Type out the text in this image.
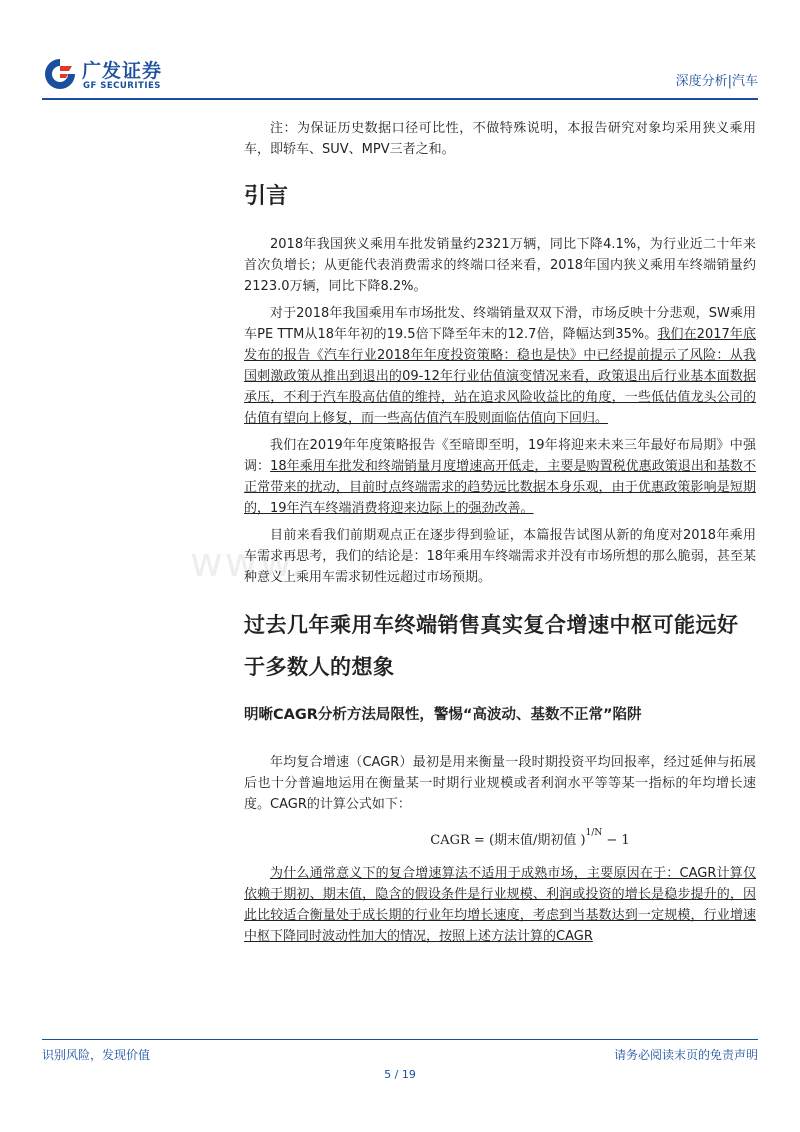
广发证券
GF SECURITIES	深度分析|汽车
www.

注：为保证历史数据口径可比性，不做特殊说明，本报告研究对象均采用狭义乘用车，即轿车、SUV、MPV三者之和。

引言

2018年我国狭义乘用车批发销量约2321万辆，同比下降4.1%，为行业近二十年来首次负增长；从更能代表消费需求的终端口径来看，2018年国内狭义乘用车终端销量约2123.0万辆，同比下降8.2%。

对于2018年我国乘用车市场批发、终端销量双双下滑，市场反映十分悲观，SW乘用车PE TTM从18年年初的19.5倍下降至年末的12.7倍，降幅达到35%。我们在2017年底发布的报告《汽车行业2018年年度投资策略：稳也是快》中已经提前提示了风险：从我国刺激政策从推出到退出的09-12年行业估值演变情况来看，政策退出后行业基本面数据承压，不利于汽车股高估值的维持，站在追求风险收益比的角度，一些低估值龙头公司的估值有望向上修复，而一些高估值汽车股则面临估值向下回归。

我们在2019年年度策略报告《至暗即至明，19年将迎来未来三年最好布局期》中强调：18年乘用车批发和终端销量月度增速高开低走，主要是购置税优惠政策退出和基数不正常带来的扰动，目前时点终端需求的趋势远比数据本身乐观，由于优惠政策影响是短期的，19年汽车终端消费将迎来边际上的强劲改善。

目前来看我们前期观点正在逐步得到验证，本篇报告试图从新的角度对2018年乘用车需求再思考，我们的结论是：18年乘用车终端需求并没有市场所想的那么脆弱，甚至某种意义上乘用车需求韧性远超过市场预期。

过去几年乘用车终端销售真实复合增速中枢可能远好于多数人的想象
明晰CAGR分析方法局限性，警惕“高波动、基数不正常”陷阱

年均复合增速（CAGR）最初是用来衡量一段时期投资平均回报率，经过延伸与拓展后也十分普遍地运用在衡量某一时期行业规模或者利润水平等等某一指标的年均增长速度。CAGR的计算公式如下：

CAGR = (期末值/期初值 )$^{1/N}$ − 1

为什么通常意义下的复合增速算法不适用于成熟市场，主要原因在于：CAGR计算仅依赖于期初、期末值，隐含的假设条件是行业规模、利润或投资的增长是稳步提升的，因此比较适合衡量处于成长期的行业年均增长速度，考虑到当基数达到一定规模，行业增速中枢下降同时波动性加大的情况，按照上述方法计算的CAGR

识别风险，发现价值	请务必阅读末页的免责声明
5 / 19
